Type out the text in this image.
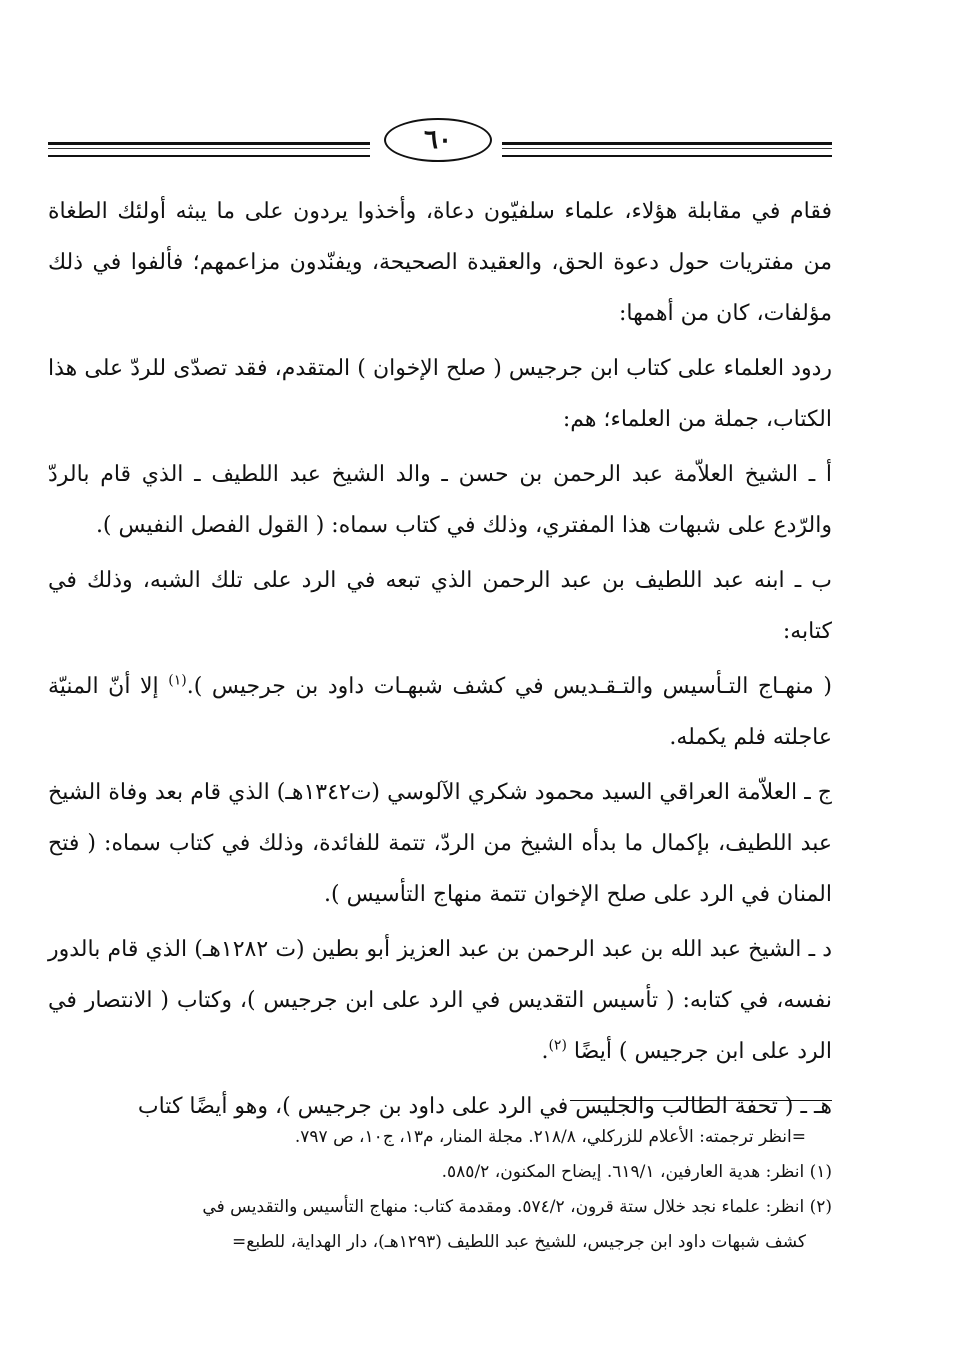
٦٠

فقام في مقابلة هؤلاء، علماء سلفيّون دعاة، وأخذوا يردون على ما يبثه أولئك الطغاة من مفتريات حول دعوة الحق، والعقيدة الصحيحة، ويفنّدون مزاعمهم؛ فألفوا في ذلك مؤلفات، كان من أهمها:

ردود العلماء على كتاب ابن جرجيس ( صلح الإخوان ) المتقدم، فقد تصدّى للردّ على هذا الكتاب، جملة من العلماء؛ هم:

أ ـ الشيخ العلاّمة عبد الرحمن بن حسن ـ والد الشيخ عبد اللطيف ـ الذي قام بالردّ والرّدع على شبهات هذا المفتري، وذلك في كتاب سماه: ( القول الفصل النفيس ).

ب ـ ابنه عبد اللطيف بن عبد الرحمن الذي تبعه في الرد على تلك الشبه، وذلك في كتابه:

( منهـاج التـأسيس والتـقـديس في كشف شبهـات داود بن جرجيس ).$^{(١)}$ إلا أنّ المنيّة عاجلته فلم يكمله.

ج ـ العلاّمة العراقي السيد محمود شكري الآلوسي (ت١٣٤٢هـ) الذي قام بعد وفاة الشيخ عبد اللطيف، بإكمال ما بدأه الشيخ من الردّ، تتمة للفائدة، وذلك في كتاب سماه: ( فتح المنان في الرد على صلح الإخوان تتمة منهاج التأسيس ).

د ـ الشيخ عبد الله بن عبد الرحمن بن عبد العزيز أبو بطين (ت ١٢٨٢هـ) الذي قام بالدور نفسه، في كتابه: ( تأسيس التقديس في الرد على ابن جرجيس )، وكتاب ( الانتصار في الرد على ابن جرجيس ) أيضًا $^{(٢)}$.

هـ ـ ( تحفة الطالب والجليس في الرد على داود بن جرجيس )، وهو أيضًا كتاب

=انظر ترجمته: الأعلام للزركلي، ٢١٨/٨. مجلة المنار، م١٣، ج١٠، ص ٧٩٧.

(١) انظر: هدية العارفين، ٦١٩/١. إيضاح المكنون، ٥٨٥/٢.

(٢) انظر: علماء نجد خلال ستة قرون، ٥٧٤/٢. ومقدمة كتاب: منهاج التأسيس والتقديس في

كشف شبهات داود ابن جرجيس، للشيخ عبد اللطيف (١٢٩٣هـ)، دار الهداية، للطبع=
